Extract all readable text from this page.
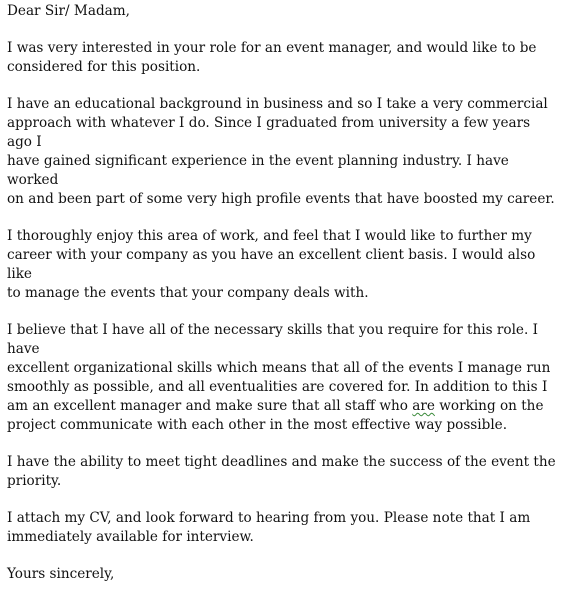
Dear Sir/ Madam,

I was very interested in your role for an event manager, and would like to be
considered for this position.

I have an educational background in business and so I take a very commercial
approach with whatever I do. Since I graduated from university a few years ago I
have gained significant experience in the event planning industry. I have worked
on and been part of some very high profile events that have boosted my career.

I thoroughly enjoy this area of work, and feel that I would like to further my
career with your company as you have an excellent client basis. I would also like
to manage the events that your company deals with.

I believe that I have all of the necessary skills that you require for this role. I have
excellent organizational skills which means that all of the events I manage run
smoothly as possible, and all eventualities are covered for. In addition to this I
am an excellent manager and make sure that all staff who are working on the
project communicate with each other in the most effective way possible.

I have the ability to meet tight deadlines and make the success of the event the
priority.

I attach my CV, and look forward to hearing from you. Please note that I am
immediately available for interview.

Yours sincerely,
